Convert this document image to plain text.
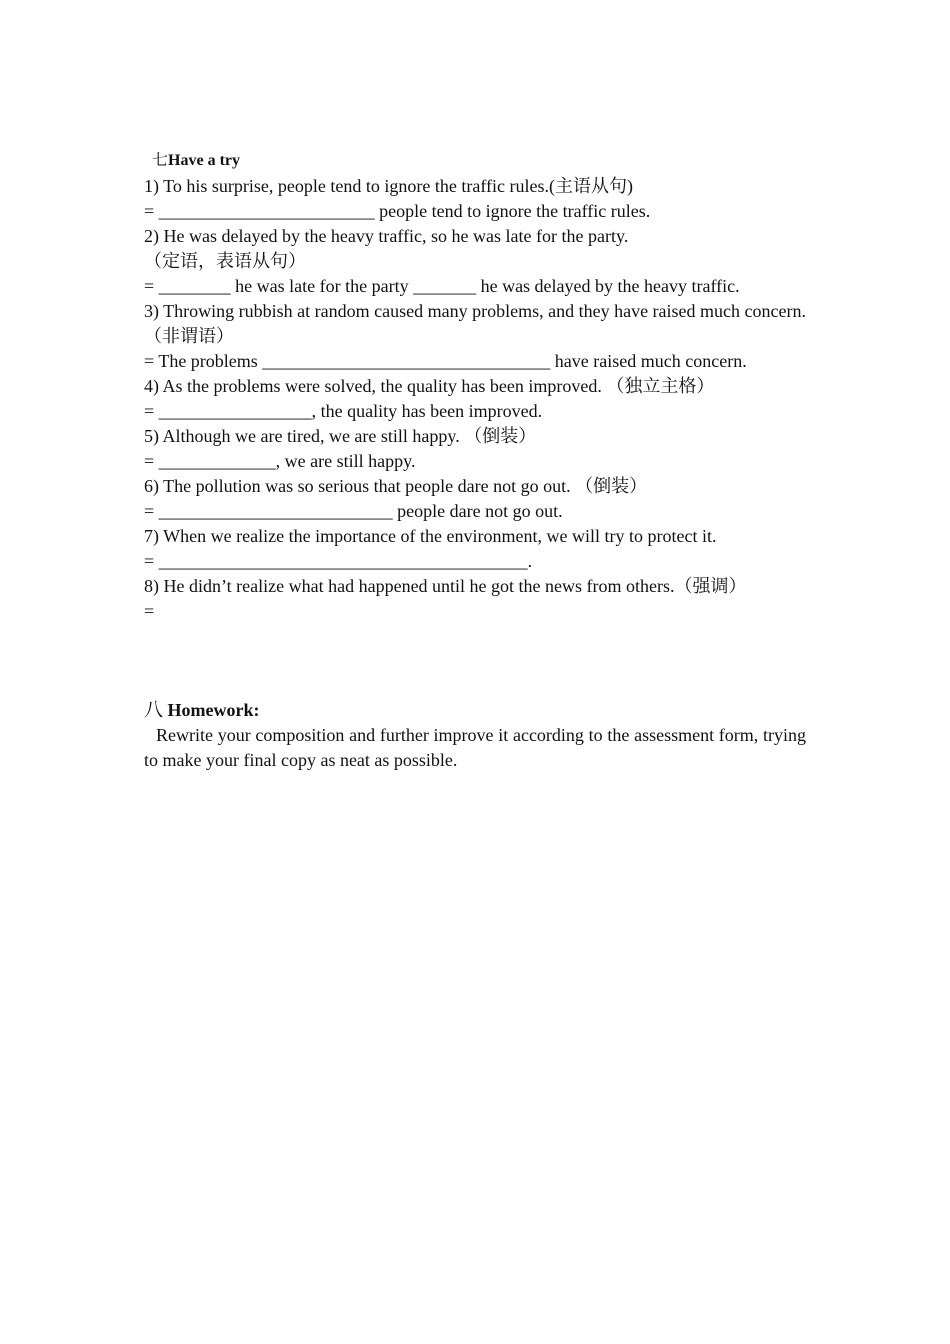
七Have a try
1) To his surprise, people tend to ignore the traffic rules.(主语从句)
= ________________________ people tend to ignore the traffic rules.
2) He was delayed by the heavy traffic, so he was late for the party.
（定语，表语从句）
= ________ he was late for the party _______ he was delayed by the heavy traffic.
3) Throwing rubbish at random caused many problems, and they have raised much concern. （非谓语）
= The problems ________________________________ have raised much concern.
4) As the problems were solved, the quality has been improved. （独立主格）
= _________________, the quality has been improved.
5) Although we are tired, we are still happy. （倒装）
= _____________, we are still happy.
6) The pollution was so serious that people dare not go out. （倒装）
= __________________________ people dare not go out.
7) When we realize the importance of the environment, we will try to protect it.
= _________________________________________.
8) He didn’t realize what had happened until he got the news from others.（强调）
=
八 Homework:
Rewrite your composition and further improve it according to the assessment form, trying to make your final copy as neat as possible.
